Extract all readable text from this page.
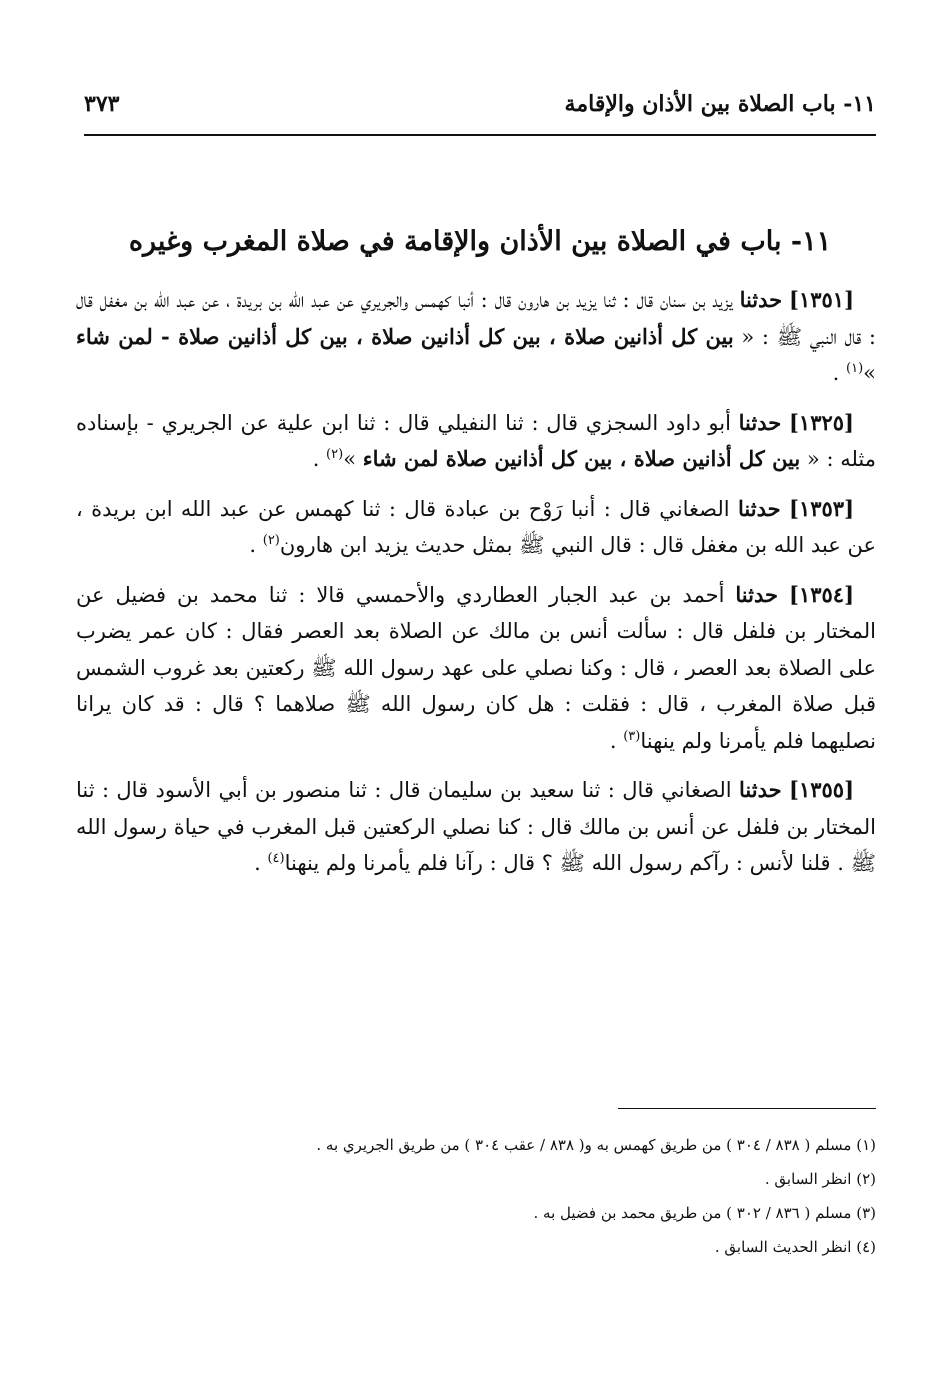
١١- باب الصلاة بين الأذان والإقامة
٣٧٣
١١- باب في الصلاة بين الأذان والإقامة في صلاة المغرب وغيره

[١٣٥١] حدثنا يزيد بن سنان قال : ثنا يزيد بن هارون قال : أنبا كهمس والجريري عن عبد الله بن بريدة ، عن عبد الله بن مغفل قال : قال النبي ﷺ : « بين كل أذانين صلاة ، بين كل أذانين صلاة ، بين كل أذانين صلاة - لمن شاء »$^{(١)}$ .

[١٣٢٥] حدثنا أبو داود السجزي قال : ثنا النفيلي قال : ثنا ابن علية عن الجريري - بإسناده مثله : « بين كل أذانين صلاة ، بين كل أذانين صلاة لمن شاء »$^{(٢)}$ .

[١٣٥٣] حدثنا الصغاني قال : أنبا رَوْح بن عبادة قال : ثنا كهمس عن عبد الله ابن بريدة ، عن عبد الله بن مغفل قال : قال النبي ﷺ بمثل حديث يزيد ابن هارون$^{(٢)}$ .

[١٣٥٤] حدثنا أحمد بن عبد الجبار العطاردي والأحمسي قالا : ثنا محمد بن فضيل عن المختار بن فلفل قال : سألت أنس بن مالك عن الصلاة بعد العصر فقال : كان عمر يضرب على الصلاة بعد العصر ، قال : وكنا نصلي على عهد رسول الله ﷺ ركعتين بعد غروب الشمس قبل صلاة المغرب ، قال : فقلت : هل كان رسول الله ﷺ صلاهما ؟ قال : قد كان يرانا نصليهما فلم يأمرنا ولم ينهنا$^{(٣)}$ .

[١٣٥٥] حدثنا الصغاني قال : ثنا سعيد بن سليمان قال : ثنا منصور بن أبي الأسود قال : ثنا المختار بن فلفل عن أنس بن مالك قال : كنا نصلي الركعتين قبل المغرب في حياة رسول الله ﷺ . قلنا لأنس : رآكم رسول الله ﷺ ؟ قال : رآنا فلم يأمرنا ولم ينهنا$^{(٤)}$ .

(١) مسلم ( ٨٣٨ / ٣٠٤ ) من طريق كهمس به و( ٨٣٨ / عقب ٣٠٤ ) من طريق الجريري به .

(٢) انظر السابق .

(٣) مسلم ( ٨٣٦ / ٣٠٢ ) من طريق محمد بن فضيل به .

(٤) انظر الحديث السابق .
